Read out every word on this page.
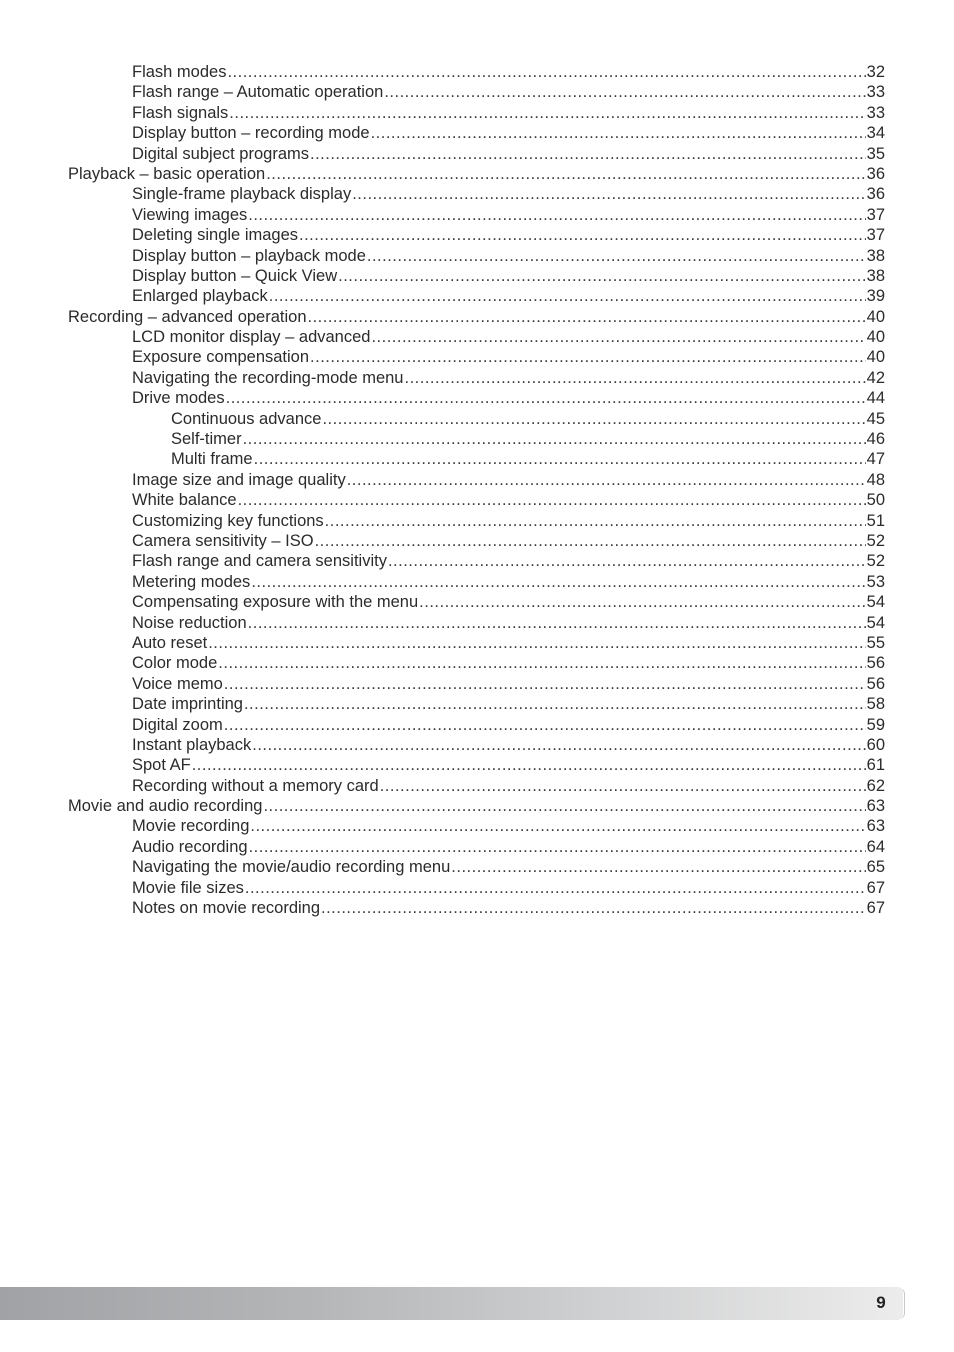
Flash modes .....	32
Flash range – Automatic operation .....	33
Flash signals .....	33
Display button – recording mode .....	34
Digital subject programs .....	35
Playback – basic operation .....	36
Single-frame playback display .....	36
Viewing images .....	37
Deleting single images .....	37
Display button – playback mode .....	38
Display button – Quick View .....	38
Enlarged playback .....	39
Recording – advanced operation .....	40
LCD monitor display – advanced .....	40
Exposure compensation .....	40
Navigating the recording-mode menu .....	42
Drive modes .....	44
Continuous advance .....	45
Self-timer .....	46
Multi frame .....	47
Image size and image quality .....	48
White balance .....	50
Customizing key functions .....	51
Camera sensitivity – ISO .....	52
Flash range and camera sensitivity .....	52
Metering modes .....	53
Compensating exposure with the menu .....	54
Noise reduction .....	54
Auto reset .....	55
Color mode .....	56
Voice memo .....	56
Date imprinting .....	58
Digital zoom .....	59
Instant playback .....	60
Spot AF .....	61
Recording without a memory card .....	62
Movie and audio recording .....	63
Movie recording .....	63
Audio recording .....	64
Navigating the movie/audio recording menu .....	65
Movie file sizes .....	67
Notes on movie recording .....	67
9
